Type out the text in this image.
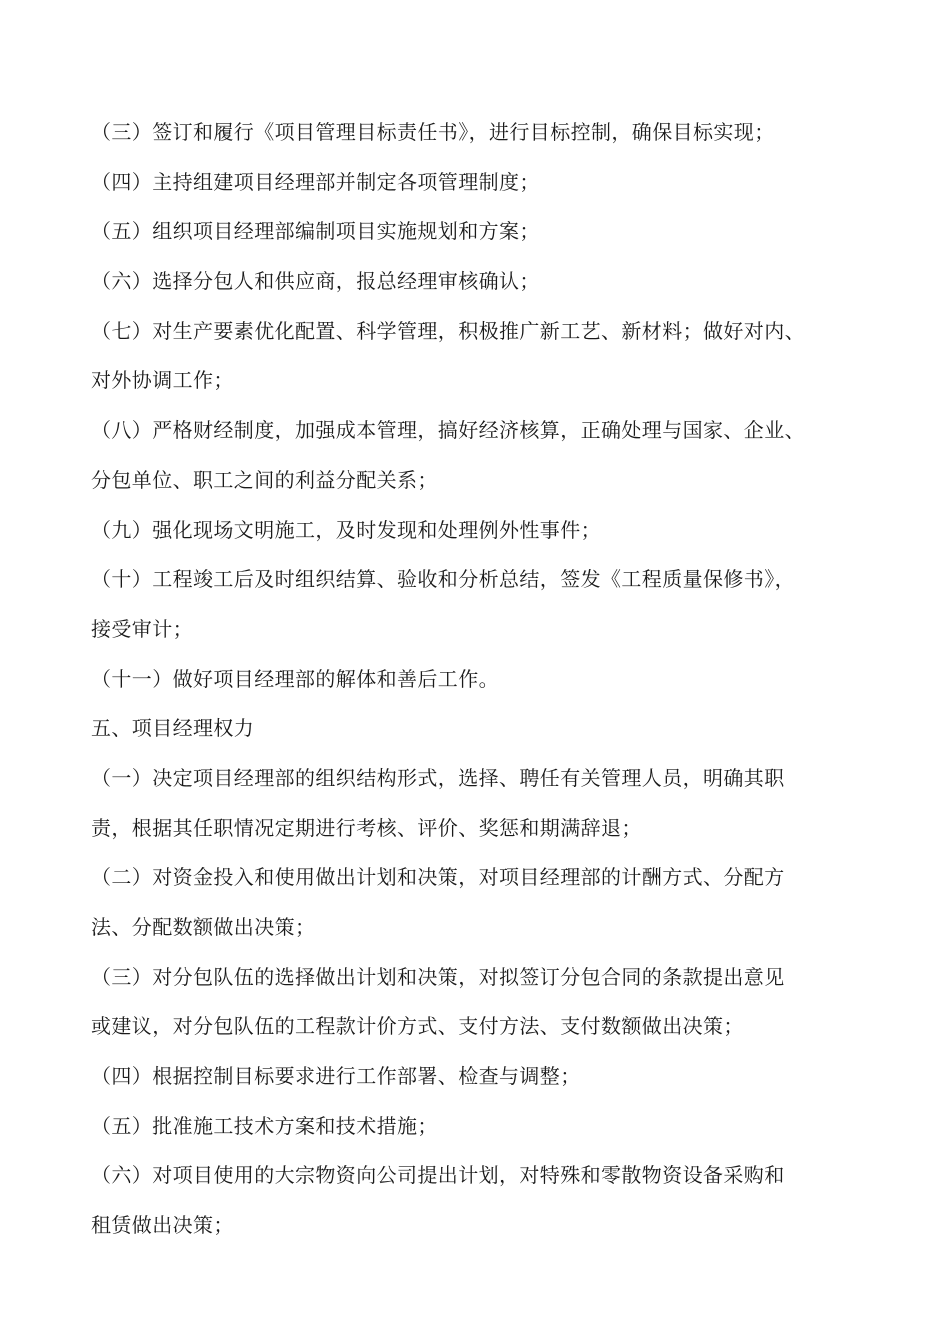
（三）签订和履行《项目管理目标责任书》，进行目标控制，确保目标实现；
（四）主持组建项目经理部并制定各项管理制度；
（五）组织项目经理部编制项目实施规划和方案；
（六）选择分包人和供应商，报总经理审核确认；
（七）对生产要素优化配置、科学管理，积极推广新工艺、新材料；做好对内、
对外协调工作；
（八）严格财经制度，加强成本管理，搞好经济核算，正确处理与国家、企业、
分包单位、职工之间的利益分配关系；
（九）强化现场文明施工，及时发现和处理例外性事件；
（十）工程竣工后及时组织结算、验收和分析总结，签发《工程质量保修书》，
接受审计；
（十一）做好项目经理部的解体和善后工作。
五、项目经理权力
（一）决定项目经理部的组织结构形式，选择、聘任有关管理人员，明确其职
责，根据其任职情况定期进行考核、评价、奖惩和期满辞退；
（二）对资金投入和使用做出计划和决策，对项目经理部的计酬方式、分配方
法、分配数额做出决策；
（三）对分包队伍的选择做出计划和决策，对拟签订分包合同的条款提出意见
或建议，对分包队伍的工程款计价方式、支付方法、支付数额做出决策；
（四）根据控制目标要求进行工作部署、检查与调整；
（五）批准施工技术方案和技术措施；
（六）对项目使用的大宗物资向公司提出计划，对特殊和零散物资设备采购和
租赁做出决策；
